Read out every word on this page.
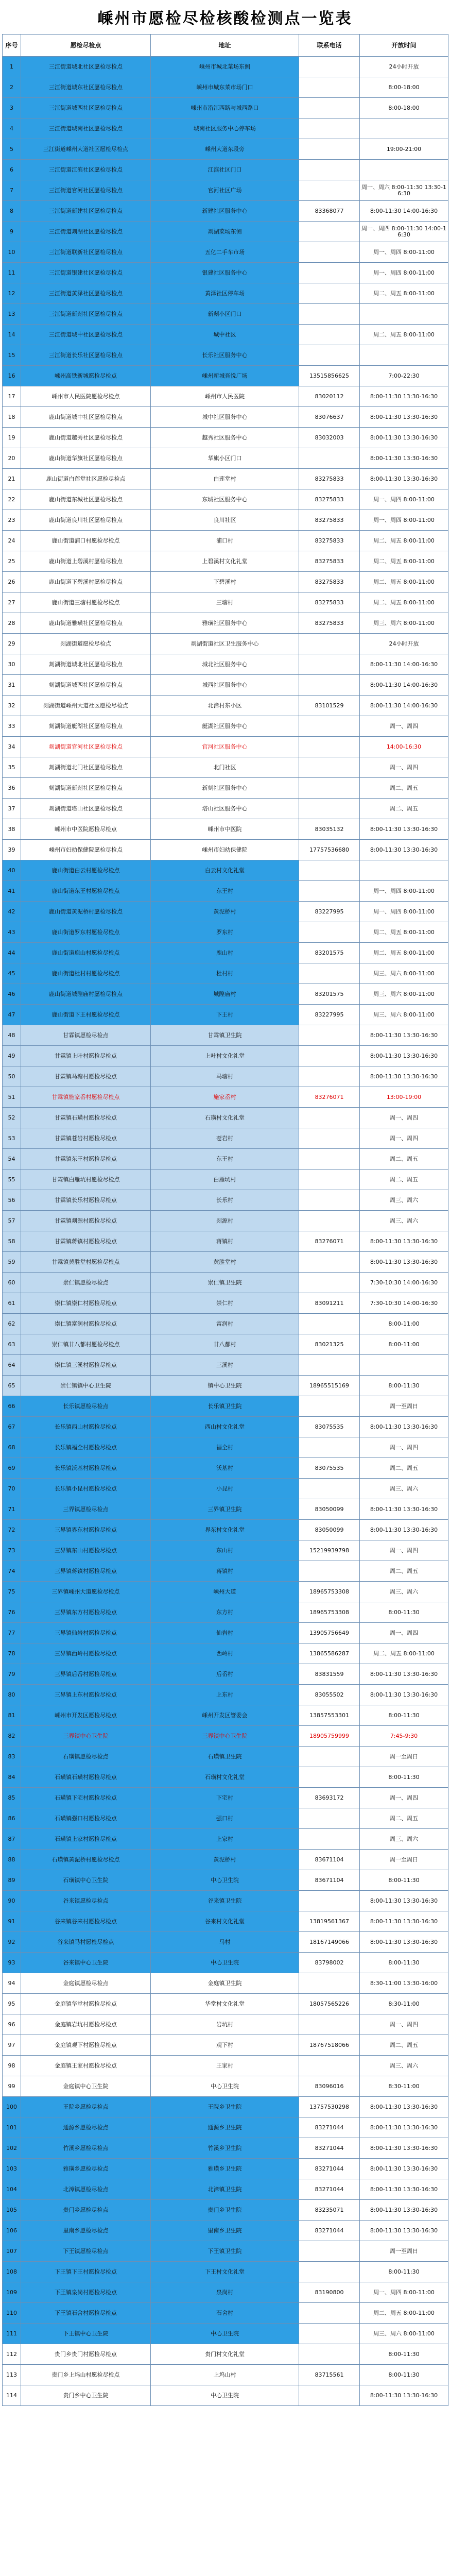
嵊州市愿检尽检核酸检测点一览表
序号	愿检尽检点	地址	联系电话	开放时间
1	三江街道城北社区愿检尽检点	嵊州市城北菜场东侧		24小时开放
2	三江街道城东社区愿检尽检点	嵊州市城东菜市场门口		8:00-18:00
3	三江街道城西社区愿检尽检点	嵊州市沿江西路与城西路口		8:00-18:00
4	三江街道城南社区愿检尽检点	城南社区服务中心停车场		
5	三江街道嵊州大道社区愿检尽检点	嵊州大道东段旁		19:00-21:00
6	三江街道江滨社区愿检尽检点	江滨社区门口		
7	三江街道官河社区愿检尽检点	官河社区广场		周一、周六 8:00-11:30 13:30-16:30
8	三江街道新建社区愿检尽检点	新建社区服务中心	83368077	8:00-11:30 14:00-16:30
9	三江街道剡湖社区愿检尽检点	剡湖菜场东侧		周一、周四 8:00-11:30 14:00-16:30
10	三江街道联新社区愿检尽检点	五亿二手车市场		周一、周四 8:00-11:00
11	三江街道银建社区愿检尽检点	银建社区服务中心		周一、周四 8:00-11:00
12	三江街道黄泽社区愿检尽检点	黄泽社区停车场		周二、周五 8:00-11:00
13	三江街道新剡社区愿检尽检点	新剡小区门口		
14	三江街道城中社区愿检尽检点	城中社区		周二、周五 8:00-11:00
15	三江街道长乐社区愿检尽检点	长乐社区服务中心		
16	嵊州高铁新城愿检尽检点	嵊州新城吾悦广场	13515856625	7:00-22:30
17	嵊州市人民医院愿检尽检点	嵊州市人民医院	83020112	8:00-11:30 13:30-16:30
18	鹿山街道城中社区愿检尽检点	城中社区服务中心	83076637	8:00-11:30 13:30-16:30
19	鹿山街道越秀社区愿检尽检点	越秀社区服务中心	83032003	8:00-11:30 13:30-16:30
20	鹿山街道华旗社区愿检尽检点	华旗小区门口		8:00-11:30 13:30-16:30
21	鹿山街道白莲堂社区愿检尽检点	白莲堂村	83275833	8:00-11:30 13:30-16:30
22	鹿山街道东城社区愿检尽检点	东城社区服务中心	83275833	周一、周四 8:00-11:00
23	鹿山街道良川社区愿检尽检点	良川社区	83275833	周一、周四 8:00-11:00
24	鹿山街道浦口村愿检尽检点	浦口村	83275833	周二、周五 8:00-11:00
25	鹿山街道上碧溪村愿检尽检点	上碧溪村文化礼堂	83275833	周二、周五 8:00-11:00
26	鹿山街道下碧溪村愿检尽检点	下碧溪村	83275833	周二、周五 8:00-11:00
27	鹿山街道三塘村愿检尽检点	三塘村	83275833	周二、周五 8:00-11:00
28	鹿山街道雅璜社区愿检尽检点	雅璜社区服务中心	83275833	周三、周六 8:00-11:00
29	剡湖街道愿检尽检点	剡湖街道社区卫生服务中心		24小时开放
30	剡湖街道城北社区愿检尽检点	城北社区服务中心		8:00-11:30 14:00-16:30
31	剡湖街道城西社区愿检尽检点	城西社区服务中心		8:00-11:30 14:00-16:30
32	剡湖街道嵊州大道社区愿检尽检点	北漳村东小区	83101529	8:00-11:30 14:00-16:30
33	剡湖街道艇湖社区愿检尽检点	艇湖社区服务中心		周一、周四
34	剡湖街道官河社区愿检尽检点	官河社区服务中心		14:00-16:30
35	剡湖街道北门社区愿检尽检点	北门社区		周一、周四
36	剡湖街道新剡社区愿检尽检点	新剡社区服务中心		周二、周五
37	剡湖街道塔山社区愿检尽检点	塔山社区服务中心		周二、周五
38	嵊州市中医院愿检尽检点	嵊州市中医院	83035132	8:00-11:30 13:30-16:30
39	嵊州市妇幼保健院愿检尽检点	嵊州市妇幼保健院	17757536680	8:00-11:30 13:30-16:30
40	鹿山街道白云村愿检尽检点	白云村文化礼堂		
41	鹿山街道东王村愿检尽检点	东王村		周一、周四 8:00-11:00
42	鹿山街道黄泥桥村愿检尽检点	黄泥桥村	83227995	周一、周四 8:00-11:00
43	鹿山街道罗东村愿检尽检点	罗东村		周二、周五 8:00-11:00
44	鹿山街道鹿山村愿检尽检点	鹿山村	83201575	周二、周五 8:00-11:00
45	鹿山街道杜村村愿检尽检点	杜村村		周三、周六 8:00-11:00
46	鹿山街道城隍庙村愿检尽检点	城隍庙村	83201575	周三、周六 8:00-11:00
47	鹿山街道下王村愿检尽检点	下王村	83227995	周三、周六 8:00-11:00
48	甘霖镇愿检尽检点	甘霖镇卫生院		8:00-11:30 13:30-16:30
49	甘霖镇上叶村愿检尽检点	上叶村文化礼堂		8:00-11:30 13:30-16:30
50	甘霖镇马塘村愿检尽检点	马塘村		8:00-11:30 13:30-16:30
51	甘霖镇施家岙村愿检尽检点	施家岙村	83276071	13:00-19:00
52	甘霖镇石璜村愿检尽检点	石璜村文化礼堂		周一、周四
53	甘霖镇苍岩村愿检尽检点	苍岩村		周一、周四
54	甘霖镇东王村愿检尽检点	东王村		周二、周五
55	甘霖镇白雁坑村愿检尽检点	白雁坑村		周二、周五
56	甘霖镇长乐村愿检尽检点	长乐村		周三、周六
57	甘霖镇剡源村愿检尽检点	剡源村		周三、周六
58	甘霖镇蒋镇村愿检尽检点	蒋镇村	83276071	8:00-11:30 13:30-16:30
59	甘霖镇黄胜堂村愿检尽检点	黄胜堂村		8:00-11:30 13:30-16:30
60	崇仁镇愿检尽检点	崇仁镇卫生院		7:30-10:30 14:00-16:30
61	崇仁镇崇仁村愿检尽检点	崇仁村	83091211	7:30-10:30 14:00-16:30
62	崇仁镇富润村愿检尽检点	富润村		8:00-11:00
63	崇仁镇廿八都村愿检尽检点	廿八都村	83021325	8:00-11:00
64	崇仁镇三溪村愿检尽检点	三溪村		
65	崇仁镇镇中心卫生院	镇中心卫生院	18965515169	8:00-11:30
66	长乐镇愿检尽检点	长乐镇卫生院		周一至周日
67	长乐镇西山村愿检尽检点	西山村文化礼堂	83075535	8:00-11:30 13:30-16:30
68	长乐镇福全村愿检尽检点	福全村		周一、周四
69	长乐镇沃基村愿检尽检点	沃基村	83075535	周二、周五
70	长乐镇小昆村愿检尽检点	小昆村		周三、周六
71	三界镇愿检尽检点	三界镇卫生院	83050099	8:00-11:30 13:30-16:30
72	三界镇界东村愿检尽检点	界东村文化礼堂	83050099	8:00-11:30 13:30-16:30
73	三界镇东山村愿检尽检点	东山村	15219939798	周一、周四
74	三界镇蒋镇村愿检尽检点	蒋镇村		周二、周五
75	三界镇嵊州大道愿检尽检点	嵊州大道	18965753308	周三、周六
76	三界镇东方村愿检尽检点	东方村	18965753308	8:00-11:30
77	三界镇仙岩村愿检尽检点	仙岩村	13905756649	周一、周四
78	三界镇西岭村愿检尽检点	西岭村	13865586287	周二、周五 8:00-11:00
79	三界镇后岙村愿检尽检点	后岙村	83831559	8:00-11:30 13:30-16:30
80	三界镇上东村愿检尽检点	上东村	83055502	8:00-11:30 13:30-16:30
81	嵊州市开发区愿检尽检点	嵊州开发区管委会	13857553301	8:00-11:30
82	三界镇中心卫生院	三界镇中心卫生院	18905759999	7:45-9:30
83	石璜镇愿检尽检点	石璜镇卫生院		周一至周日
84	石璜镇石璜村愿检尽检点	石璜村文化礼堂		8:00-11:30
85	石璜镇下宅村愿检尽检点	下宅村	83693172	周一、周四
86	石璜镇强口村愿检尽检点	强口村		周二、周五
87	石璜镇上家村愿检尽检点	上家村		周三、周六
88	石璜镇黄泥桥村愿检尽检点	黄泥桥村	83671104	周一至周日
89	石璜镇中心卫生院	中心卫生院	83671104	8:00-11:30
90	谷来镇愿检尽检点	谷来镇卫生院		8:00-11:30 13:30-16:30
91	谷来镇谷来村愿检尽检点	谷来村文化礼堂	13819561367	8:00-11:30 13:30-16:30
92	谷来镇马村愿检尽检点	马村	18167149066	8:00-11:30 13:30-16:30
93	谷来镇中心卫生院	中心卫生院	83798002	8:00-11:30
94	金庭镇愿检尽检点	金庭镇卫生院		8:30-11:00 13:30-16:00
95	金庭镇华堂村愿检尽检点	华堂村文化礼堂	18057565226	8:30-11:00
96	金庭镇岩坑村愿检尽检点	岩坑村		周一、周四
97	金庭镇观下村愿检尽检点	观下村	18767518066	周二、周五
98	金庭镇王家村愿检尽检点	王家村		周三、周六
99	金庭镇中心卫生院	中心卫生院	83096016	8:30-11:00
100	王院乡愿检尽检点	王院乡卫生院	13757530298	8:00-11:30 13:30-16:30
101	通源乡愿检尽检点	通源乡卫生院	83271044	8:00-11:30 13:30-16:30
102	竹溪乡愿检尽检点	竹溪乡卫生院	83271044	8:00-11:30 13:30-16:30
103	雅璜乡愿检尽检点	雅璜乡卫生院	83271044	8:00-11:30 13:30-16:30
104	北漳镇愿检尽检点	北漳镇卫生院	83271044	8:00-11:30 13:30-16:30
105	贵门乡愿检尽检点	贵门乡卫生院	83235071	8:00-11:30 13:30-16:30
106	里南乡愿检尽检点	里南乡卫生院	83271044	8:00-11:30 13:30-16:30
107	下王镇愿检尽检点	下王镇卫生院		周一至周日
108	下王镇下王村愿检尽检点	下王村文化礼堂		8:00-11:30
109	下王镇泉岗村愿检尽检点	泉岗村	83190800	周一、周四 8:00-11:00
110	下王镇石舍村愿检尽检点	石舍村		周二、周五 8:00-11:00
111	下王镇中心卫生院	中心卫生院		周三、周六 8:00-11:00
112	贵门乡贵门村愿检尽检点	贵门村文化礼堂		8:00-11:30
113	贵门乡上坞山村愿检尽检点	上坞山村	83715561	8:00-11:30
114	贵门乡中心卫生院	中心卫生院		8:00-11:30 13:30-16:30
